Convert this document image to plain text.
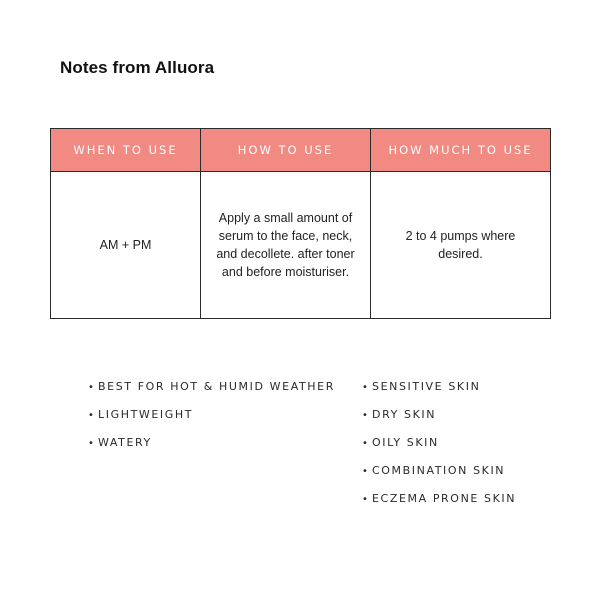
Notes from Alluora
WHEN TO USE	HOW TO USE	HOW MUCH TO USE
AM + PM	Apply a small amount of serum to the face, neck, and decollete. after toner and before moisturiser.	2 to 4 pumps where desired.
• BEST FOR HOT & HUMID WEATHER
• LIGHTWEIGHT
• WATERY
• SENSITIVE SKIN
• DRY SKIN
• OILY SKIN
• COMBINATION SKIN
• ECZEMA PRONE SKIN
